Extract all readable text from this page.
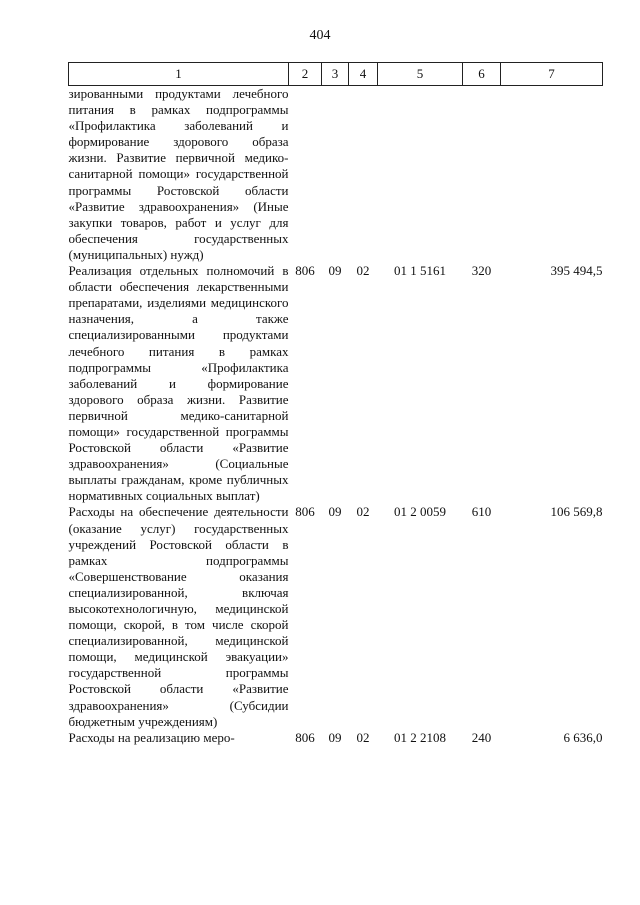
404
1	2	3	4	5	6	7
зированными продуктами лечебного питания в рамках подпрограммы «Профилактика заболеваний и формирование здорового образа жизни. Развитие первичной медико-санитарной помощи» государственной программы Ростовской области «Развитие здравоохранения» (Иные закупки товаров, работ и услуг для обеспечения государственных (муниципальных) нужд)						
Реализация отдельных полномочий в области обеспечения лекарственными препаратами, изделиями медицинского назначения, а также специализированными продуктами лечебного питания в рамках подпрограммы «Профилактика заболеваний и формирование здорового образа жизни. Развитие первичной медико-санитарной помощи» государственной программы Ростовской области «Развитие здравоохранения» (Социальные выплаты гражданам, кроме публичных нормативных социальных выплат)	806	09	02	01 1 5161	320	395 494,5
Расходы на обеспечение деятельности (оказание услуг) государственных учреждений Ростовской области в рамках подпрограммы «Совершенствование оказания специализированной, включая высокотехнологичную, медицинской помощи, скорой, в том числе скорой специализированной, медицинской помощи, медицинской эвакуации» государственной программы Ростовской области «Развитие здравоохранения» (Субсидии бюджетным учреждениям)	806	09	02	01 2 0059	610	106 569,8
Расходы на реализацию меро-	806	09	02	01 2 2108	240	6 636,0
